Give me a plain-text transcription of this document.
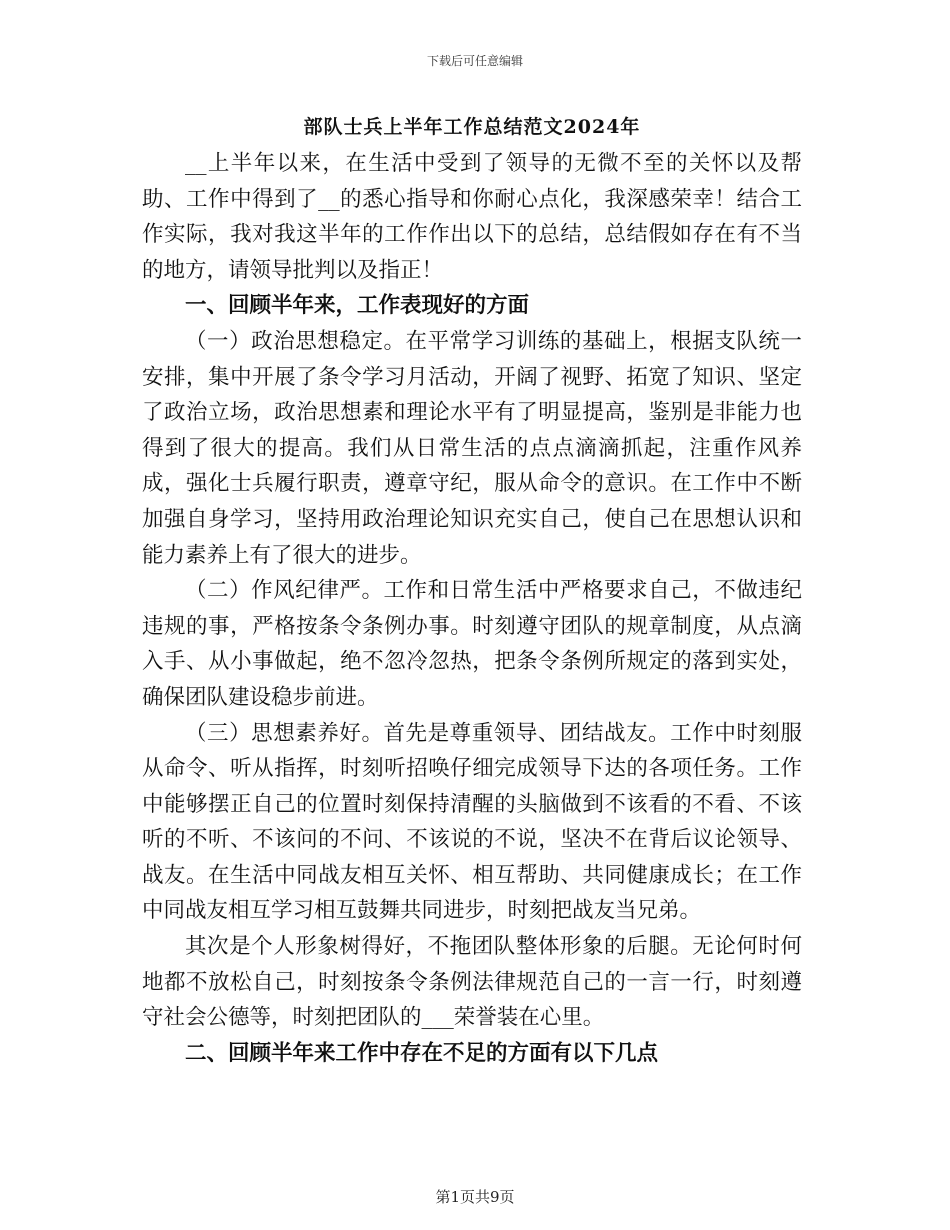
下载后可任意编辑
部队士兵上半年工作总结范文2024年

__上半年以来，在生活中受到了领导的无微不至的关怀以及帮助、工作中得到了__的悉心指导和你耐心点化，我深感荣幸！结合工作实际，我对我这半年的工作作出以下的总结，总结假如存在有不当的地方，请领导批判以及指正！

一、回顾半年来，工作表现好的方面

（一）政治思想稳定。在平常学习训练的基础上，根据支队统一安排，集中开展了条令学习月活动，开阔了视野、拓宽了知识、坚定了政治立场，政治思想素和理论水平有了明显提高，鉴别是非能力也得到了很大的提高。我们从日常生活的点点滴滴抓起，注重作风养成，强化士兵履行职责，遵章守纪，服从命令的意识。在工作中不断加强自身学习，坚持用政治理论知识充实自己，使自己在思想认识和能力素养上有了很大的进步。

（二）作风纪律严。工作和日常生活中严格要求自己，不做违纪违规的事，严格按条令条例办事。时刻遵守团队的规章制度，从点滴入手、从小事做起，绝不忽冷忽热，把条令条例所规定的落到实处，确保团队建设稳步前进。

（三）思想素养好。首先是尊重领导、团结战友。工作中时刻服从命令、听从指挥，时刻听招唤仔细完成领导下达的各项任务。工作中能够摆正自己的位置时刻保持清醒的头脑做到不该看的不看、不该听的不听、不该问的不问、不该说的不说，坚决不在背后议论领导、战友。在生活中同战友相互关怀、相互帮助、共同健康成长；在工作中同战友相互学习相互鼓舞共同进步，时刻把战友当兄弟。

其次是个人形象树得好，不拖团队整体形象的后腿。无论何时何地都不放松自己，时刻按条令条例法律规范自己的一言一行，时刻遵守社会公德等，时刻把团队的___荣誉装在心里。

二、回顾半年来工作中存在不足的方面有以下几点

第1页共9页
